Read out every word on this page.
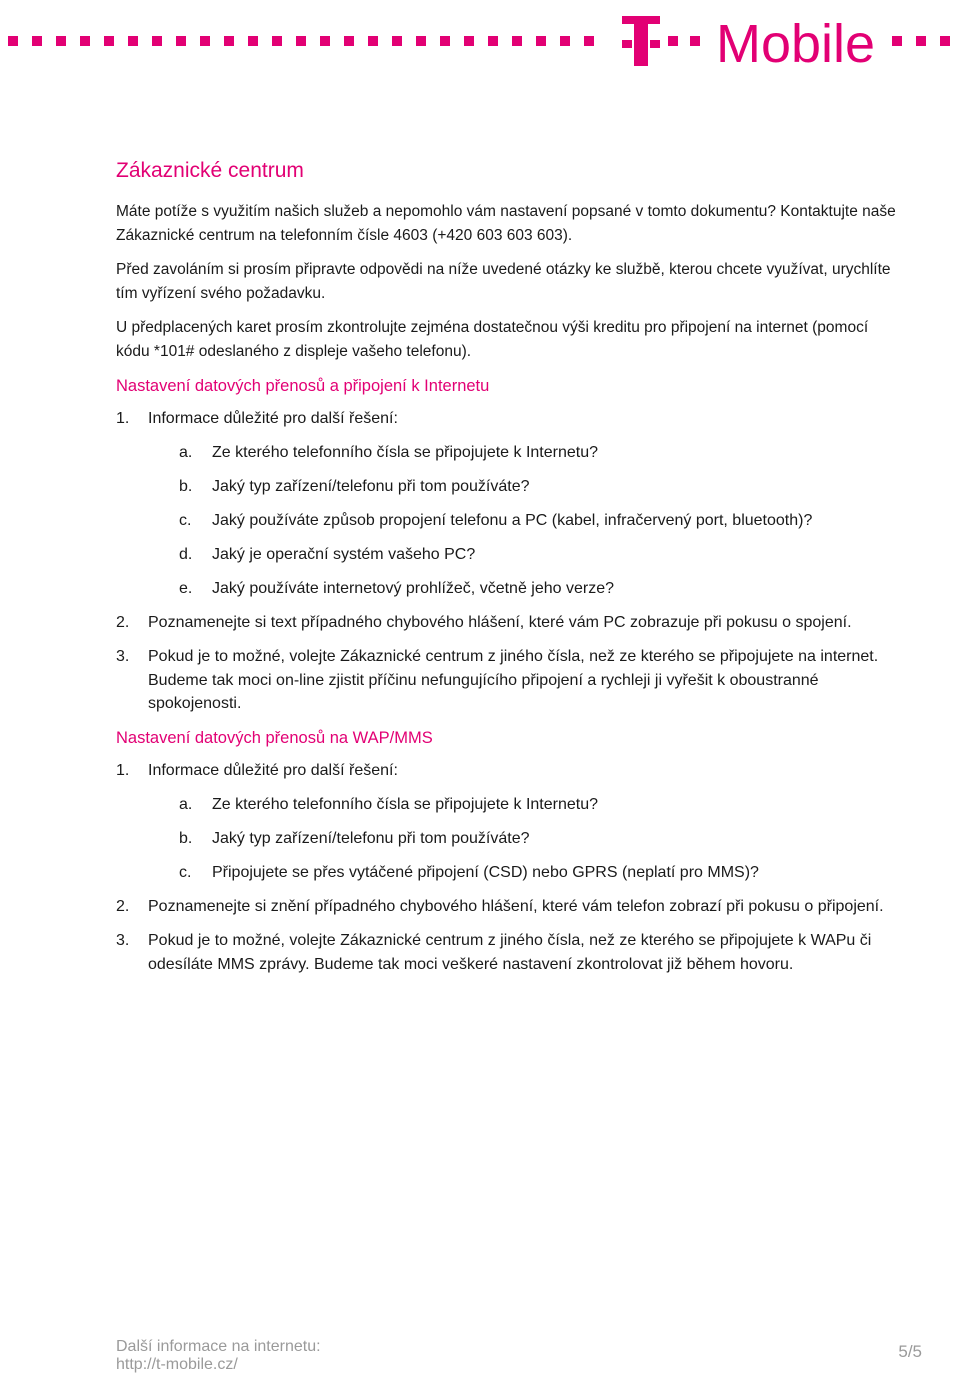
Mobile
Zákaznické centrum

Máte potíže s využitím našich služeb a nepomohlo vám nastavení popsané v tomto dokumentu? Kontaktujte naše Zákaznické centrum na telefonním čísle 4603 (+420 603 603 603).

Před zavoláním si prosím připravte odpovědi na níže uvedené otázky ke službě, kterou chcete využívat, urychlíte tím vyřízení svého požadavku.

U předplacených karet prosím zkontrolujte zejména dostatečnou výši kreditu pro připojení na internet (pomocí kódu *101# odeslaného z displeje vašeho telefonu).

Nastavení datových přenosů a připojení k Internetu
1. Informace důležité pro další řešení:
a. Ze kterého telefonního čísla se připojujete k Internetu?
b. Jaký typ zařízení/telefonu při tom používáte?
c. Jaký používáte způsob propojení telefonu a PC (kabel, infračervený port, bluetooth)?
d. Jaký je operační systém vašeho PC?
e. Jaký používáte internetový prohlížeč, včetně jeho verze?
2. Poznamenejte si text případného chybového hlášení, které vám PC zobrazuje při pokusu o spojení.
3. Pokud je to možné, volejte Zákaznické centrum z jiného čísla, než ze kterého se připojujete na internet. Budeme tak moci on-line zjistit příčinu nefungujícího připojení a rychleji ji vyřešit k oboustranné spokojenosti.
Nastavení datových přenosů na WAP/MMS
1. Informace důležité pro další řešení:
a. Ze kterého telefonního čísla se připojujete k Internetu?
b. Jaký typ zařízení/telefonu při tom používáte?
c. Připojujete se přes vytáčené připojení (CSD) nebo GPRS (neplatí pro MMS)?
2. Poznamenejte si znění případného chybového hlášení, které vám telefon zobrazí při pokusu o připojení.
3. Pokud je to možné, volejte Zákaznické centrum z jiného čísla, než ze kterého se připojujete k WAPu či odesíláte MMS zprávy. Budeme tak moci veškeré nastavení zkontrolovat již během hovoru.
Další informace na internetu:
http://t-mobile.cz/
5/5
